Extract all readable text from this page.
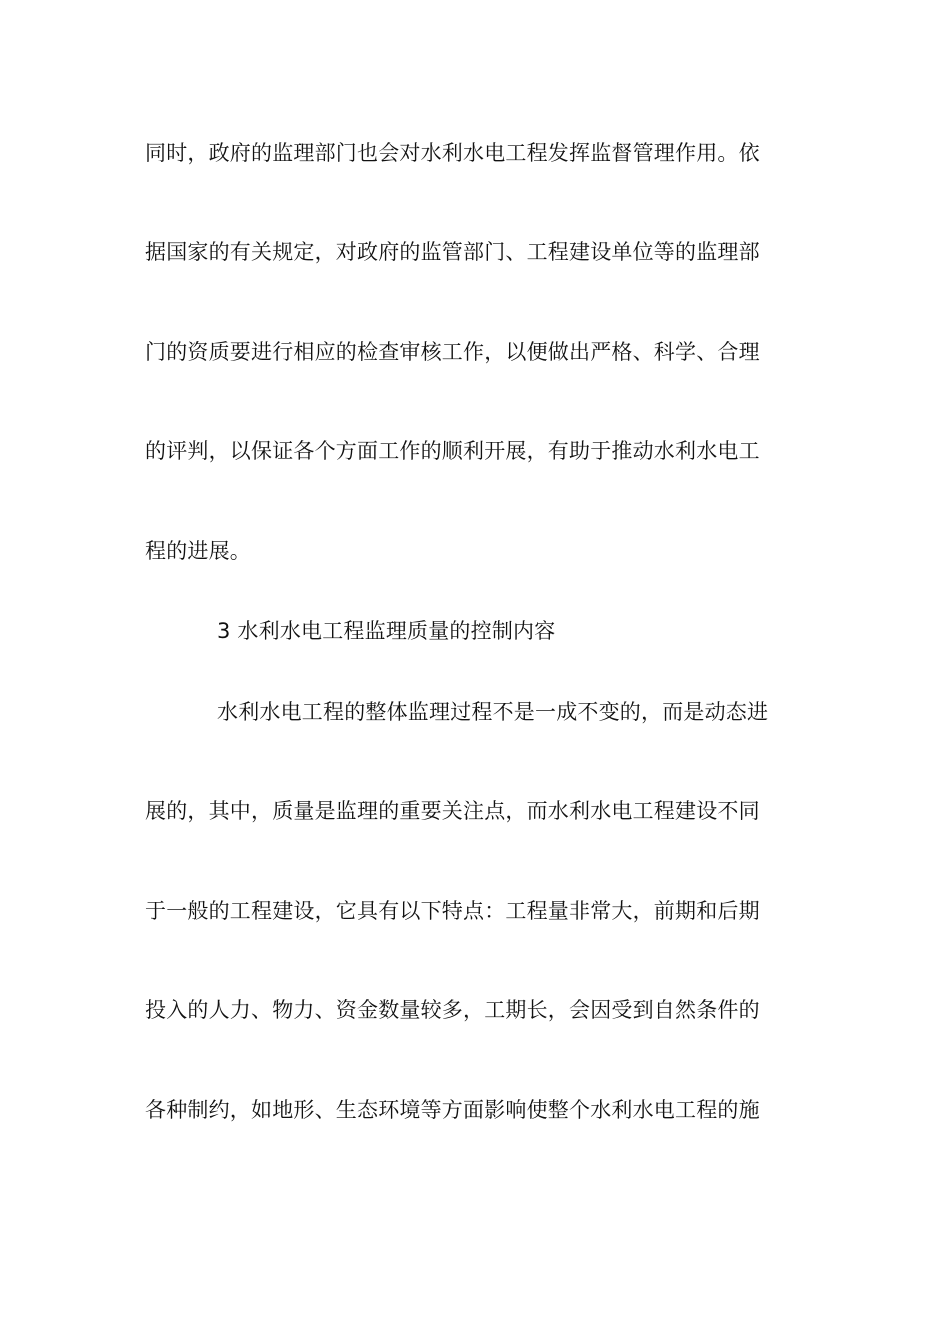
同时，政府的监理部门也会对水利水电工程发挥监督管理作用。依
据国家的有关规定，对政府的监管部门、工程建设单位等的监理部
门的资质要进行相应的检查审核工作，以便做出严格、科学、合理
的评判，以保证各个方面工作的顺利开展，有助于推动水利水电工
程的进展。
3 水利水电工程监理质量的控制内容
水利水电工程的整体监理过程不是一成不变的，而是动态进
展的，其中，质量是监理的重要关注点，而水利水电工程建设不同
于一般的工程建设，它具有以下特点：工程量非常大，前期和后期
投入的人力、物力、资金数量较多，工期长，会因受到自然条件的
各种制约，如地形、生态环境等方面影响使整个水利水电工程的施
